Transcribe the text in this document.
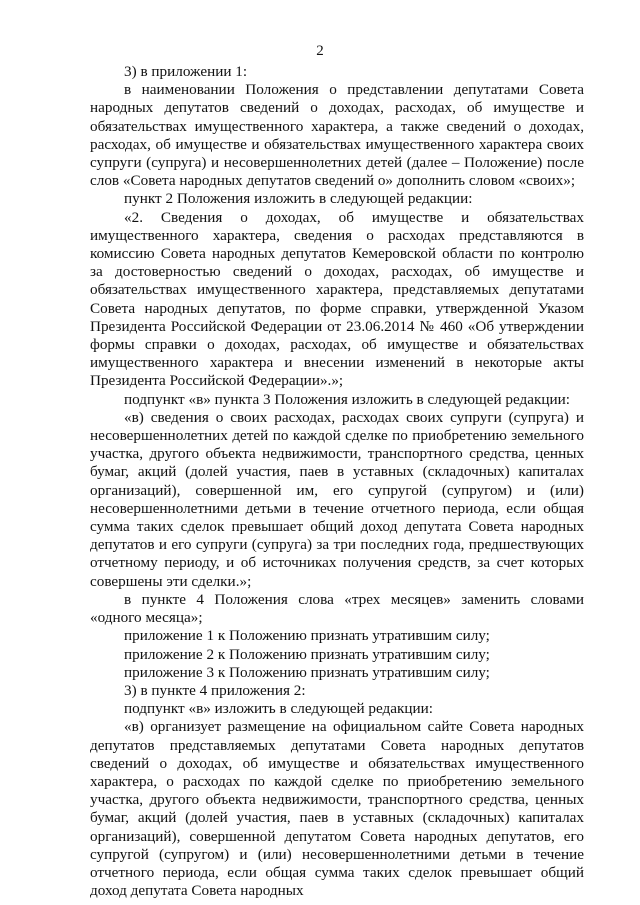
2

3) в приложении 1:

в наименовании Положения о представлении депутатами Совета народных депутатов сведений о доходах, расходах, об имуществе и обязательствах имущественного характера, а также сведений о доходах, расходах, об имуществе и обязательствах имущественного характера своих супруги (супруга) и несовершеннолетних детей (далее – Положение) после слов «Совета народных депутатов сведений о» дополнить словом «своих»;

пункт 2 Положения изложить в следующей редакции:

«2. Сведения о доходах, об имуществе и обязательствах имущественного характера, сведения о расходах представляются в комиссию Совета народных депутатов Кемеровской области по контролю за достоверностью сведений о доходах, расходах, об имуществе и обязательствах имущественного характера, представляемых депутатами Совета народных депутатов, по форме справки, утвержденной Указом Президента Российской Федерации от 23.06.2014 № 460 «Об утверждении формы справки о доходах, расходах, об имуществе и обязательствах имущественного характера и внесении изменений в некоторые акты Президента Российской Федерации».»;

подпункт «в» пункта 3 Положения изложить в следующей редакции:

«в) сведения о своих расходах, расходах своих супруги (супруга) и несовершеннолетних детей по каждой сделке по приобретению земельного участка, другого объекта недвижимости, транспортного средства, ценных бумаг, акций (долей участия, паев в уставных (складочных) капиталах организаций), совершенной им, его супругой (супругом) и (или) несовершеннолетними детьми в течение отчетного периода, если общая сумма таких сделок превышает общий доход депутата Совета народных депутатов и его супруги (супруга) за три последних года, предшествующих отчетному периоду, и об источниках получения средств, за счет которых совершены эти сделки.»;

в пункте 4 Положения слова «трех месяцев» заменить словами «одного месяца»;

приложение 1 к Положению признать утратившим силу;

приложение 2 к Положению признать утратившим силу;

приложение 3 к Положению признать утратившим силу;

3) в пункте 4 приложения 2:

подпункт «в» изложить в следующей редакции:

«в) организует размещение на официальном сайте Совета народных депутатов представляемых депутатами Совета народных депутатов сведений о доходах, об имуществе и обязательствах имущественного характера, о расходах по каждой сделке по приобретению земельного участка, другого объекта недвижимости, транспортного средства, ценных бумаг, акций (долей участия, паев в уставных (складочных) капиталах организаций), совершенной депутатом Совета народных депутатов, его супругой (супругом) и (или) несовершеннолетними детьми в течение отчетного периода, если общая сумма таких сделок превышает общий доход депутата Совета народных
